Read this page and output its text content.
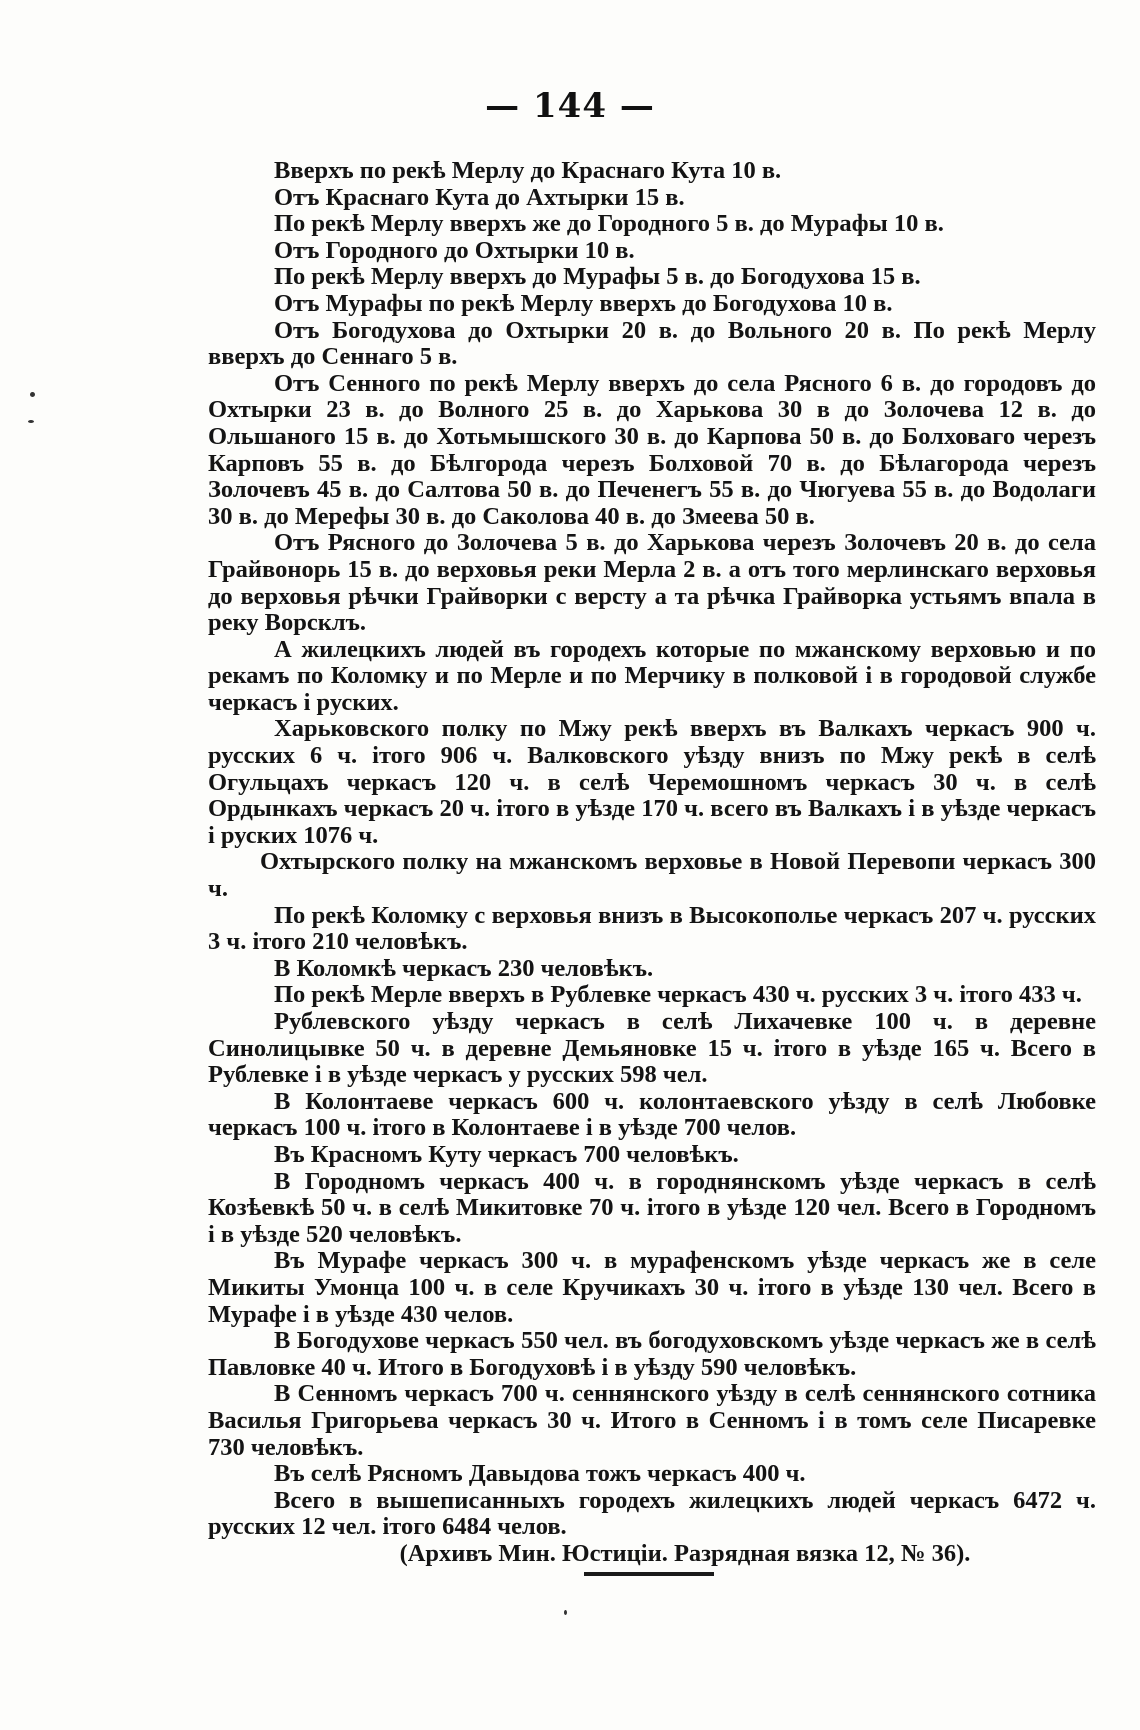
— 144 —

Вверхъ по рекѣ Мерлу до Краснаго Кута 10 в.

Отъ Краснаго Кута до Ахтырки 15 в.

По рекѣ Мерлу вверхъ же до Городного 5 в. до Мурафы 10 в.

Отъ Городного до Охтырки 10 в.

По рекѣ Мерлу вверхъ до Мурафы 5 в. до Богодухова 15 в.

Отъ Мурафы по рекѣ Мерлу вверхъ до Богодухова 10 в.

Отъ Богодухова до Охтырки 20 в. до Вольного 20 в. По рекѣ Мерлу вверхъ до Сеннаго 5 в.

Отъ Сенного по рекѣ Мерлу вверхъ до села Рясного 6 в. до городовъ до Охтырки 23 в. до Волного 25 в. до Харькова 30 в до Золочева 12 в. до Ольшаного 15 в. до Хотьмышского 30 в. до Карпова 50 в. до Болховаго черезъ Карповъ 55 в. до Бѣлгорода черезъ Болховой 70 в. до Бѣлагорода черезъ Золочевъ 45 в. до Салтова 50 в. до Печенегъ 55 в. до Чюгуева 55 в. до Водолаги 30 в. до Мерефы 30 в. до Саколова 40 в. до Змеева 50 в.

Отъ Рясного до Золочева 5 в. до Харькова черезъ Золочевъ 20 в. до села Грайвонорь 15 в. до верховья реки Мерла 2 в. а отъ того мерлинскаго верховья до верховья рѣчки Грайворки с версту а та рѣчка Грайворка устьямъ впала в реку Ворсклъ.

А жилецкихъ людей въ городехъ которые по мжанскому верховью и по рекамъ по Коломку и по Мерле и по Мерчику в полковой і в городовой службе черкасъ і руских.

Харьковского полку по Мжу рекѣ вверхъ въ Валкахъ черкасъ 900 ч. русских 6 ч. ітого 906 ч. Валковского уѣзду внизъ по Мжу рекѣ в селѣ Огульцахъ черкасъ 120 ч. в селѣ Черемошномъ черкасъ 30 ч. в селѣ Ордынкахъ черкасъ 20 ч. ітого в уѣзде 170 ч. всего въ Валкахъ і в уѣзде черкасъ і руских 1076 ч.

Охтырского полку на мжанскомъ верховье в Новой Перевопи черкасъ 300 ч.

По рекѣ Коломку с верховья внизъ в Высокополье черкасъ 207 ч. русских 3 ч. ітого 210 человѣкъ.

В Коломкѣ черкасъ 230 человѣкъ.

По рекѣ Мерле вверхъ в Рублевке черкасъ 430 ч. русских 3 ч. ітого 433 ч.

Рублевского уѣзду черкасъ в селѣ Лихачевке 100 ч. в деревне Синолицывке 50 ч. в деревне Демьяновке 15 ч. ітого в уѣзде 165 ч. Всего в Рублевке і в уѣзде черкасъ у русских 598 чел.

В Колонтаеве черкасъ 600 ч. колонтаевского уѣзду в селѣ Любовке черкасъ 100 ч. ітого в Колонтаеве і в уѣзде 700 челов.

Въ Красномъ Куту черкасъ 700 человѣкъ.

В Городномъ черкасъ 400 ч. в городнянскомъ уѣзде черкасъ в селѣ Козѣевкѣ 50 ч. в селѣ Микитовке 70 ч. ітого в уѣзде 120 чел. Всего в Городномъ і в уѣзде 520 человѣкъ.

Въ Мурафе черкасъ 300 ч. в мурафенскомъ уѣзде черкасъ же в селе Микиты Умонца 100 ч. в селе Кручикахъ 30 ч. ітого в уѣзде 130 чел. Всего в Мурафе і в уѣзде 430 челов.

В Богодухове черкасъ 550 чел. въ богодуховскомъ уѣзде черкасъ же в селѣ Павловке 40 ч. Итого в Богодуховѣ і в уѣзду 590 человѣкъ.

В Сенномъ черкасъ 700 ч. сеннянского уѣзду в селѣ сеннянского сотника Василья Григорьева черкасъ 30 ч. Итого в Сенномъ і в томъ селе Писаревке 730 человѣкъ.

Въ селѣ Рясномъ Давыдова тожъ черкасъ 400 ч.

Всего в вышеписанныхъ городехъ жилецкихъ людей черкасъ 6472 ч. русских 12 чел. ітого 6484 челов.

(Архивъ Мин. Юстиціи. Разрядная вязка 12, № 36).
